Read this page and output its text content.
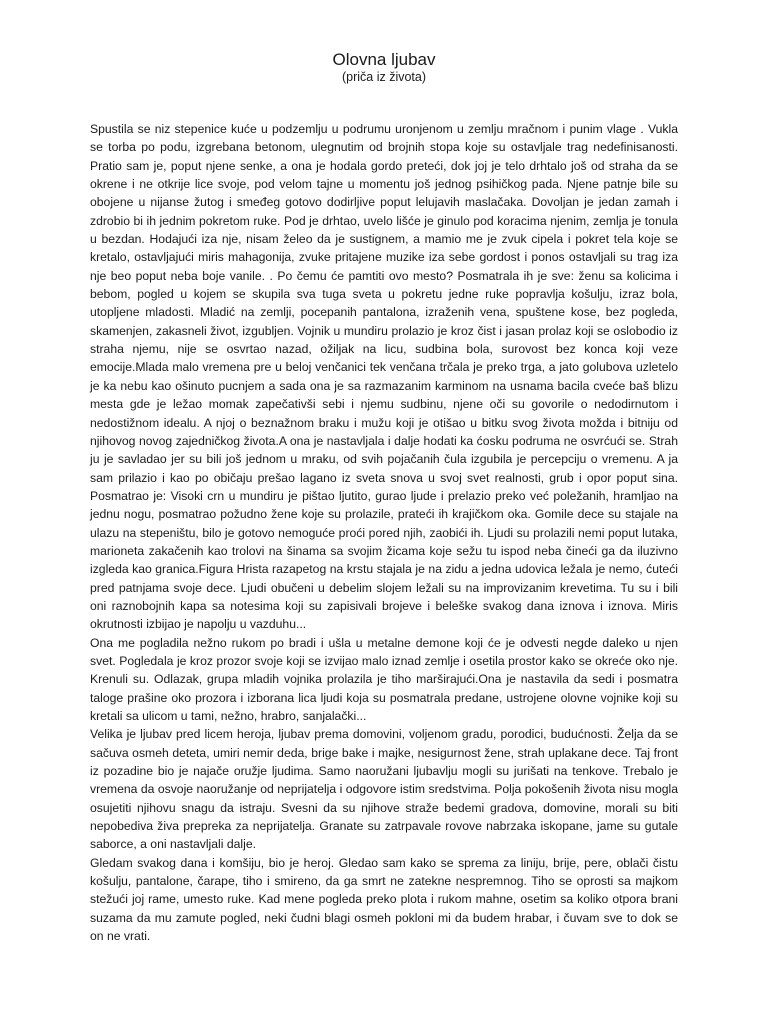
Olovna ljubav
(priča iz života)

Spustila se niz stepenice kuće u podzemlju u podrumu uronjenom u zemlju mračnom i punim vlage . Vukla se torba po podu, izgrebana betonom, ulegnutim od brojnih stopa koje su ostavljale trag nedefinisanosti. Pratio sam je, poput njene senke, a ona je hodala gordo preteći, dok joj je telo drhtalo još od straha da se okrene i ne otkrije lice svoje, pod velom tajne u momentu još jednog psihičkog pada. Njene patnje bile su obojene u nijanse žutog i smeđeg gotovo dodirljive poput lelujavih maslačaka. Dovoljan je jedan zamah i zdrobio bi ih jednim pokretom ruke. Pod je drhtao, uvelo lišće je ginulo pod koracima njenim, zemlja je tonula u bezdan. Hodajući iza nje, nisam želeo da je sustignem, a mamio me je zvuk cipela i pokret tela koje se kretalo, ostavljajući miris mahagonija, zvuke pritajene muzike iza sebe gordost i ponos ostavljali su trag iza nje beo poput neba boje vanile. . Po čemu će pamtiti ovo mesto? Posmatrala ih je sve: ženu sa kolicima i bebom, pogled u kojem se skupila sva tuga sveta u pokretu jedne ruke popravlja košulju, izraz bola, utopljene mladosti. Mladić na zemlji, pocepanih pantalona, izraženih vena, spuštene kose, bez pogleda, skamenjen, zakasneli život, izgubljen. Vojnik u mundiru prolazio je kroz čist i jasan prolaz koji se oslobodio iz straha njemu, nije se osvrtao nazad, ožiljak na licu, sudbina bola, surovost bez konca koji veze emocije.Mlada malo vremena pre u beloj venčanici tek venčana trčala je preko trga, a jato golubova uzletelo je ka nebu kao ošinuto pucnjem a sada ona je sa razmazanim karminom na usnama bacila cveće baš blizu mesta gde je ležao momak zapečativši sebi i njemu sudbinu, njene oči su govorile o nedodirnutom i nedostižnom idealu. A njoj o beznažnom braku i mužu koji je otišao u bitku svog života možda i bitniju od njihovog novog zajedničkog života.A ona je nastavljala i dalje hodati ka ćosku podruma ne osvrćući se. Strah ju je savladao jer su bili još jednom u mraku, od svih pojačanih čula izgubila je percepciju o vremenu. A ja sam prilazio i kao po običaju prešao lagano iz sveta snova u svoj svet realnosti, grub i opor poput sina. Posmatrao je: Visoki crn u mundiru je pištao ljutito, gurao ljude i prelazio preko već poležanih, hramljao na jednu nogu, posmatrao požudno žene koje su prolazile, prateći ih krajičkom oka. Gomile dece su stajale na ulazu na stepeništu, bilo je gotovo nemoguće proći pored njih, zaobići ih. Ljudi su prolazili nemi poput lutaka, marioneta zakačenih kao trolovi na šinama sa svojim žicama koje sežu tu ispod neba čineći ga da iluzivno izgleda kao granica.Figura Hrista razapetog na krstu stajala je na zidu a jedna udovica ležala je nemo, ćuteći pred patnjama svoje dece. Ljudi obučeni u debelim slojem ležali su na improvizanim krevetima. Tu su i bili oni raznobojnih kapa sa notesima koji su zapisivali brojeve i beleške svakog dana iznova i iznova. Miris okrutnosti izbijao je napolju u vazduhu...

Ona me pogladila nežno rukom po bradi i ušla u metalne demone koji će je odvesti negde daleko u njen svet. Pogledala je kroz prozor svoje koji se izvijao malo iznad zemlje i osetila prostor kako se okreće oko nje. Krenuli su. Odlazak, grupa mladih vojnika prolazila je tiho marširajući.Ona je nastavila da sedi i posmatra taloge prašine oko prozora i izborana lica ljudi koja su posmatrala predane, ustrojene olovne vojnike koji su kretali sa ulicom u tami, nežno, hrabro, sanjalački...

Velika je ljubav pred licem heroja, ljubav prema domovini, voljenom gradu, porodici, budućnosti. Želja da se sačuva osmeh deteta, umiri nemir deda, brige bake i majke, nesigurnost žene, strah uplakane dece. Taj front iz pozadine bio je najače oružje ljudima. Samo naoružani ljubavlju mogli su jurišati na tenkove. Trebalo je vremena da osvoje naoružanje od neprijatelja i odgovore istim sredstvima. Polja pokošenih života nisu mogla osujetiti njihovu snagu da istraju. Svesni da su njihove straže bedemi gradova, domovine, morali su biti nepobediva živa prepreka za neprijatelja. Granate su zatrpavale rovove nabrzaka iskopane, jame su gutale saborce, a oni nastavljali dalje.

Gledam svakog dana i komšiju, bio je heroj. Gledao sam kako se sprema za liniju, brije, pere, oblači čistu košulju, pantalone, čarape, tiho i smireno, da ga smrt ne zatekne nespremnog. Tiho se oprosti sa majkom stežući joj rame, umesto ruke. Kad mene pogleda preko plota i rukom mahne, osetim sa koliko otpora brani suzama da mu zamute pogled, neki čudni blagi osmeh pokloni mi da budem hrabar, i čuvam sve to dok se on ne vrati.
